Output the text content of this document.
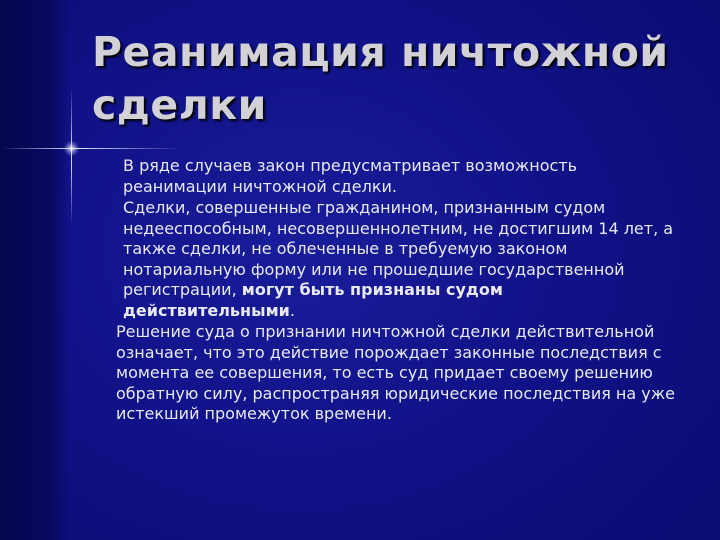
Реанимация ничтожной сделки

В ряде случаев закон предусматривает возможность реанимации ничтожной сделки.

Сделки, совершенные гражданином, признанным судом недееспособным, несовершеннолетним, не достигшим 14 лет, а также сделки, не облеченные в требуемую законом нотариальную форму или не прошедшие государственной регистрации, могут быть признаны судом действительными.

Решение суда о признании ничтожной сделки действительной означает, что это действие порождает законные последствия с момента ее совершения, то есть суд придает своему решению обратную силу, распространяя юридические последствия на уже истекший промежуток времени.
